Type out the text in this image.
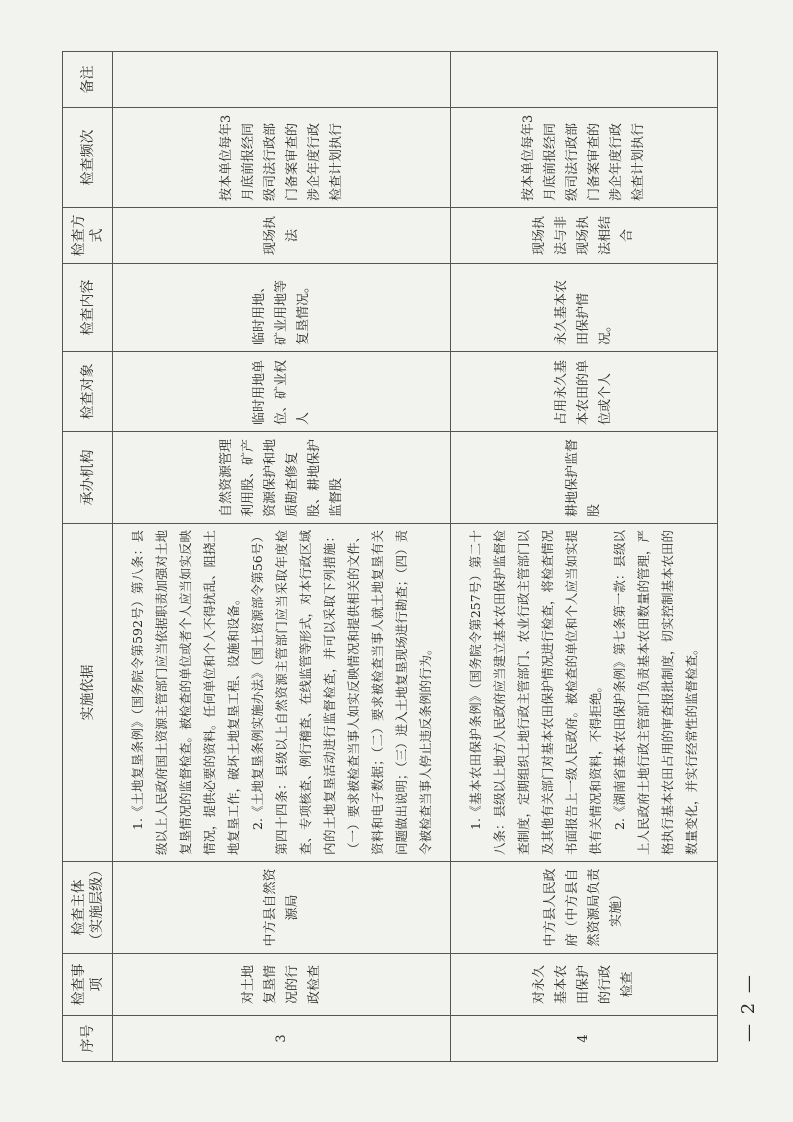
序号	检查事项	检查主体（实施层级）	实施依据	承办机构	检查对象	检查内容	检查方式	检查频次	备注
3	对土地复垦情况的行政检查	中方县自然资源局	1.《土地复垦条例》（国务院令第592号）第八条：县级以上人民政府国土资源主管部门应当依据职责加强对土地复垦情况的监督检查。被检查的单位或者个人应当如实反映情况，提供必要的资料。任何单位和个人不得扰乱、阻挠土地复垦工作，破坏土地复垦工程、设施和设备。 2.《土地复垦条例实施办法》（国土资源部令第56号）第四十四条：县级以上自然资源主管部门应当采取年度检查、专项核查、例行稽查、在线监管等形式，对本行政区域内的土地复垦活动进行监督检查，并可以采取下列措施：（一）要求被检查当事人如实反映情况和提供相关的文件、资料和电子数据；（二）要求被检查当事人就土地复垦有关问题做出说明；（三）进入土地复垦现场进行勘查；（四）责令被检查当事人停止违反条例的行为。	自然资源管理利用股、矿产资源保护和地质勘查修复股、耕地保护监督股	临时用地单位、矿业权人	临时用地、矿业用地等复垦情况。	现场执法	按本单位每年3月底前报经同级司法行政部门备案审查的涉企年度行政检查计划执行	
4	对永久基本农田保护的行政检查	中方县人民政府（中方县自然资源局负责实施）	1.《基本农田保护条例》（国务院令第257号）第二十八条：县级以上地方人民政府应当建立基本农田保护监督检查制度，定期组织土地行政主管部门、农业行政主管部门以及其他有关部门对基本农田保护情况进行检查，将检查情况书面报告上一级人民政府。被检查的单位和个人应当如实提供有关情况和资料，不得拒绝。 2.《湖南省基本农田保护条例》第七条第一款：县级以上人民政府土地行政主管部门负责基本农田数量的管理，严格执行基本农田占用的审查报批制度，切实控制基本农田的数量变化，并实行经常性的监督检查。	耕地保护监督股	占用永久基本农田的单位或个人	永久基本农田保护情况。	现场执法与非现场执法相结合	按本单位每年3月底前报经同级司法行政部门备案审查的涉企年度行政检查计划执行	
— 2 —
